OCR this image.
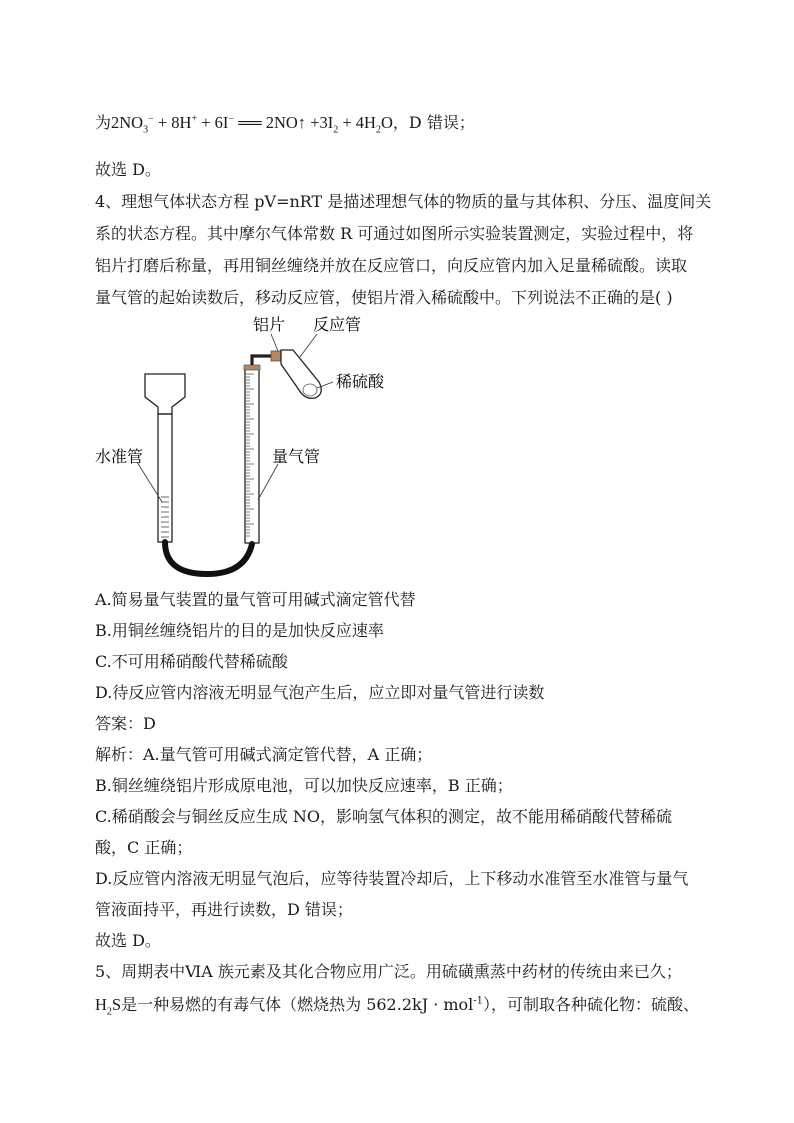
为$2NO_3^- + 8H^+ + 6I^-$ ══ 2NO↑ $+3I_2 + 4H_2O$，D 错误；
故选 D。
4、理想气体状态方程 pV=nRT 是描述理想气体的物质的量与其体积、分压、温度间关
系的状态方程。其中摩尔气体常数 R 可通过如图所示实验装置测定，实验过程中，将
铝片打磨后称量，再用铜丝缠绕并放在反应管口，向反应管内加入足量稀硫酸。读取
量气管的起始读数后，移动反应管，使铝片滑入稀硫酸中。下列说法不正确的是( )
铝片 反应管
稀硫酸
水准管	量气管
A.简易量气装置的量气管可用碱式滴定管代替
B.用铜丝缠绕铝片的目的是加快反应速率
C.不可用稀硝酸代替稀硫酸
D.待反应管内溶液无明显气泡产生后，应立即对量气管进行读数
答案：D
解析：A.量气管可用碱式滴定管代替，A 正确；
B.铜丝缠绕铝片形成原电池，可以加快反应速率，B 正确；
C.稀硝酸会与铜丝反应生成 NO，影响氢气体积的测定，故不能用稀硝酸代替稀硫
酸，C 正确；
D.反应管内溶液无明显气泡后，应等待装置冷却后，上下移动水准管至水准管与量气
管液面持平，再进行读数，D 错误；
故选 D。
5、周期表中ⅥA 族元素及其化合物应用广泛。用硫磺熏蒸中药材的传统由来已久；
$H_2S$是一种易燃的有毒气体（燃烧热为 562.2kJ · mol$^{-1}$），可制取各种硫化物：硫酸、
